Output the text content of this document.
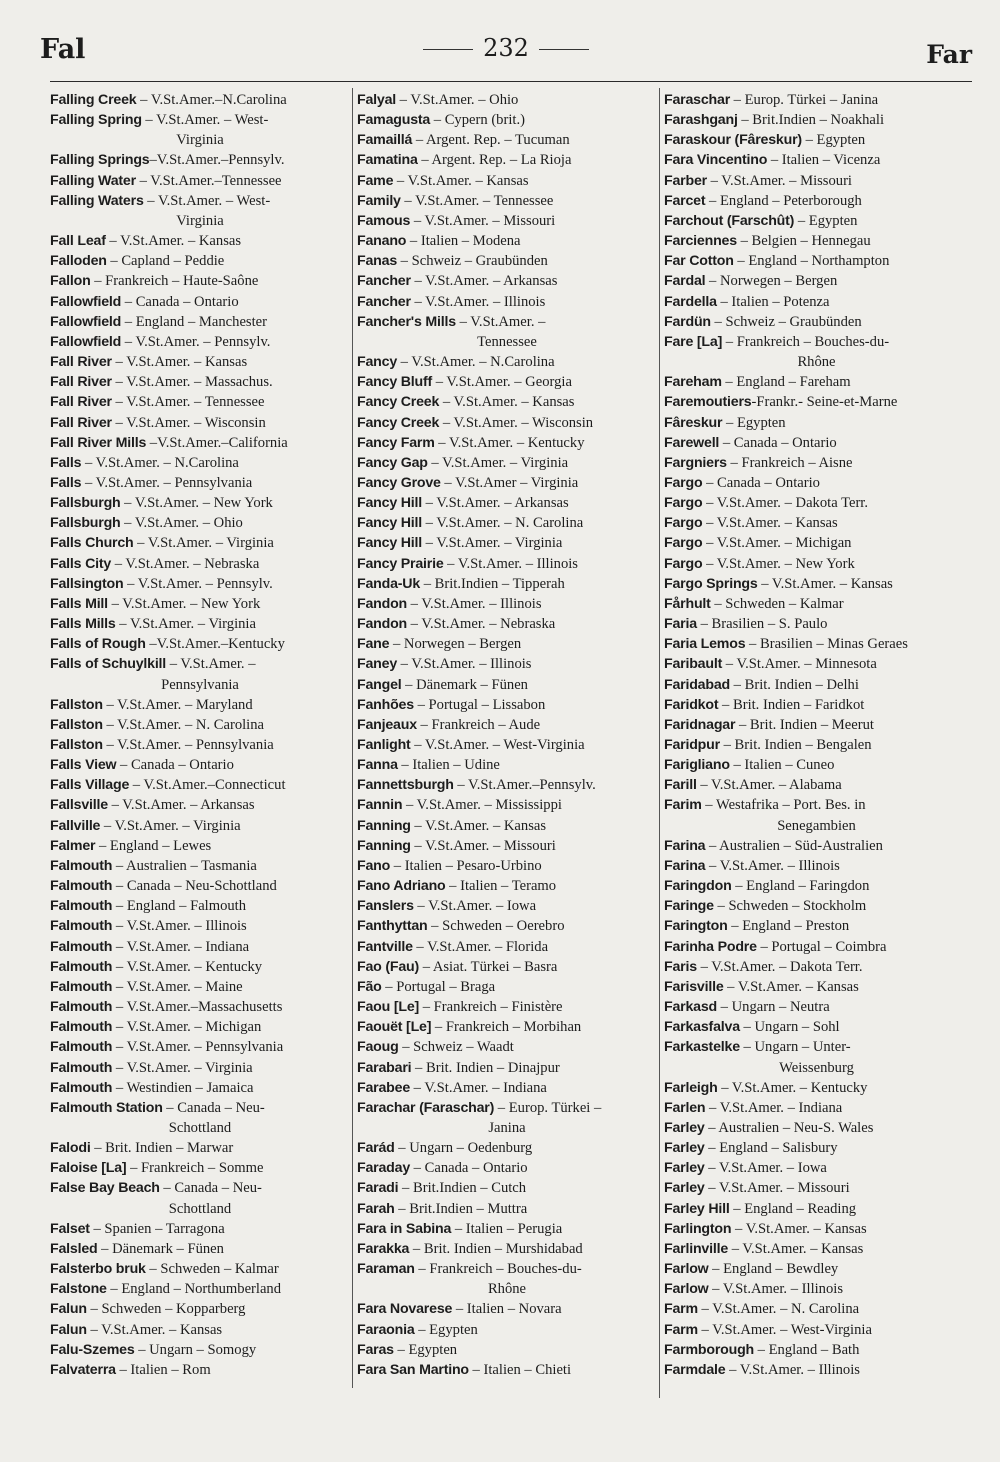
Fal	232	Far
Falling Creek – V.St.Amer.–N.Carolina
Falling Spring – V.St.Amer. – West-
Virginia
Falling Springs–V.St.Amer.–Pennsylv.
Falling Water – V.St.Amer.–Tennessee
Falling Waters – V.St.Amer. – West-
Virginia
Fall Leaf – V.St.Amer. – Kansas
Falloden – Capland – Peddie
Fallon – Frankreich – Haute-Saône
Fallowfield – Canada – Ontario
Fallowfield – England – Manchester
Fallowfield – V.St.Amer. – Pennsylv.
Fall River – V.St.Amer. – Kansas
Fall River – V.St.Amer. – Massachus.
Fall River – V.St.Amer. – Tennessee
Fall River – V.St.Amer. – Wisconsin
Fall River Mills –V.St.Amer.–California
Falls – V.St.Amer. – N.Carolina
Falls – V.St.Amer. – Pennsylvania
Fallsburgh – V.St.Amer. – New York
Fallsburgh – V.St.Amer. – Ohio
Falls Church – V.St.Amer. – Virginia
Falls City – V.St.Amer. – Nebraska
Fallsington – V.St.Amer. – Pennsylv.
Falls Mill – V.St.Amer. – New York
Falls Mills – V.St.Amer. – Virginia
Falls of Rough –V.St.Amer.–Kentucky
Falls of Schuylkill – V.St.Amer. –
Pennsylvania
Fallston – V.St.Amer. – Maryland
Fallston – V.St.Amer. – N. Carolina
Fallston – V.St.Amer. – Pennsylvania
Falls View – Canada – Ontario
Falls Village – V.St.Amer.–Connecticut
Fallsville – V.St.Amer. – Arkansas
Fallville – V.St.Amer. – Virginia
Falmer – England – Lewes
Falmouth – Australien – Tasmania
Falmouth – Canada – Neu-Schottland
Falmouth – England – Falmouth
Falmouth – V.St.Amer. – Illinois
Falmouth – V.St.Amer. – Indiana
Falmouth – V.St.Amer. – Kentucky
Falmouth – V.St.Amer. – Maine
Falmouth – V.St.Amer.–Massachusetts
Falmouth – V.St.Amer. – Michigan
Falmouth – V.St.Amer. – Pennsylvania
Falmouth – V.St.Amer. – Virginia
Falmouth – Westindien – Jamaica
Falmouth Station – Canada – Neu-
Schottland
Falodi – Brit. Indien – Marwar
Faloise [La] – Frankreich – Somme
False Bay Beach – Canada – Neu-
Schottland
Falset – Spanien – Tarragona
Falsled – Dänemark – Fünen
Falsterbo bruk – Schweden – Kalmar
Falstone – England – Northumberland
Falun – Schweden – Kopparberg
Falun – V.St.Amer. – Kansas
Falu-Szemes – Ungarn – Somogy
Falvaterra – Italien – Rom
Falyal – V.St.Amer. – Ohio
Famagusta – Cypern (brit.)
Famaillá – Argent. Rep. – Tucuman
Famatina – Argent. Rep. – La Rioja
Fame – V.St.Amer. – Kansas
Family – V.St.Amer. – Tennessee
Famous – V.St.Amer. – Missouri
Fanano – Italien – Modena
Fanas – Schweiz – Graubünden
Fancher – V.St.Amer. – Arkansas
Fancher – V.St.Amer. – Illinois
Fancher's Mills – V.St.Amer. –
Tennessee
Fancy – V.St.Amer. – N.Carolina
Fancy Bluff – V.St.Amer. – Georgia
Fancy Creek – V.St.Amer. – Kansas
Fancy Creek – V.St.Amer. – Wisconsin
Fancy Farm – V.St.Amer. – Kentucky
Fancy Gap – V.St.Amer. – Virginia
Fancy Grove – V.St.Amer – Virginia
Fancy Hill – V.St.Amer. – Arkansas
Fancy Hill – V.St.Amer. – N. Carolina
Fancy Hill – V.St.Amer. – Virginia
Fancy Prairie – V.St.Amer. – Illinois
Fanda-Uk – Brit.Indien – Tipperah
Fandon – V.St.Amer. – Illinois
Fandon – V.St.Amer. – Nebraska
Fane – Norwegen – Bergen
Faney – V.St.Amer. – Illinois
Fangel – Dänemark – Fünen
Fanhões – Portugal – Lissabon
Fanjeaux – Frankreich – Aude
Fanlight – V.St.Amer. – West-Virginia
Fanna – Italien – Udine
Fannettsburgh – V.St.Amer.–Pennsylv.
Fannin – V.St.Amer. – Mississippi
Fanning – V.St.Amer. – Kansas
Fanning – V.St.Amer. – Missouri
Fano – Italien – Pesaro-Urbino
Fano Adriano – Italien – Teramo
Fanslers – V.St.Amer. – Iowa
Fanthyttan – Schweden – Oerebro
Fantville – V.St.Amer. – Florida
Fao (Fau) – Asiat. Türkei – Basra
Fão – Portugal – Braga
Faou [Le] – Frankreich – Finistère
Faouët [Le] – Frankreich – Morbihan
Faoug – Schweiz – Waadt
Farabari – Brit. Indien – Dinajpur
Farabee – V.St.Amer. – Indiana
Farachar (Faraschar) – Europ. Türkei –
Janina
Farád – Ungarn – Oedenburg
Faraday – Canada – Ontario
Faradi – Brit.Indien – Cutch
Farah – Brit.Indien – Muttra
Fara in Sabina – Italien – Perugia
Farakka – Brit. Indien – Murshidabad
Faraman – Frankreich – Bouches-du-
Rhône
Fara Novarese – Italien – Novara
Faraonia – Egypten
Faras – Egypten
Fara San Martino – Italien – Chieti
Faraschar – Europ. Türkei – Janina
Farashganj – Brit.Indien – Noakhali
Faraskour (Fâreskur) – Egypten
Fara Vincentino – Italien – Vicenza
Farber – V.St.Amer. – Missouri
Farcet – England – Peterborough
Farchout (Farschût) – Egypten
Farciennes – Belgien – Hennegau
Far Cotton – England – Northampton
Fardal – Norwegen – Bergen
Fardella – Italien – Potenza
Fardün – Schweiz – Graubünden
Fare [La] – Frankreich – Bouches-du-
Rhône
Fareham – England – Fareham
Faremoutiers-Frankr.- Seine-et-Marne
Fâreskur – Egypten
Farewell – Canada – Ontario
Fargniers – Frankreich – Aisne
Fargo – Canada – Ontario
Fargo – V.St.Amer. – Dakota Terr.
Fargo – V.St.Amer. – Kansas
Fargo – V.St.Amer. – Michigan
Fargo – V.St.Amer. – New York
Fargo Springs – V.St.Amer. – Kansas
Fårhult – Schweden – Kalmar
Faria – Brasilien – S. Paulo
Faria Lemos – Brasilien – Minas Geraes
Faribault – V.St.Amer. – Minnesota
Faridabad – Brit. Indien – Delhi
Faridkot – Brit. Indien – Faridkot
Faridnagar – Brit. Indien – Meerut
Faridpur – Brit. Indien – Bengalen
Farigliano – Italien – Cuneo
Farill – V.St.Amer. – Alabama
Farim – Westafrika – Port. Bes. in
Senegambien
Farina – Australien – Süd-Australien
Farina – V.St.Amer. – Illinois
Faringdon – England – Faringdon
Faringe – Schweden – Stockholm
Farington – England – Preston
Farinha Podre – Portugal – Coimbra
Faris – V.St.Amer. – Dakota Terr.
Farisville – V.St.Amer. – Kansas
Farkasd – Ungarn – Neutra
Farkasfalva – Ungarn – Sohl
Farkastelke – Ungarn – Unter-
Weissenburg
Farleigh – V.St.Amer. – Kentucky
Farlen – V.St.Amer. – Indiana
Farley – Australien – Neu-S. Wales
Farley – England – Salisbury
Farley – V.St.Amer. – Iowa
Farley – V.St.Amer. – Missouri
Farley Hill – England – Reading
Farlington – V.St.Amer. – Kansas
Farlinville – V.St.Amer. – Kansas
Farlow – England – Bewdley
Farlow – V.St.Amer. – Illinois
Farm – V.St.Amer. – N. Carolina
Farm – V.St.Amer. – West-Virginia
Farmborough – England – Bath
Farmdale – V.St.Amer. – Illinois
